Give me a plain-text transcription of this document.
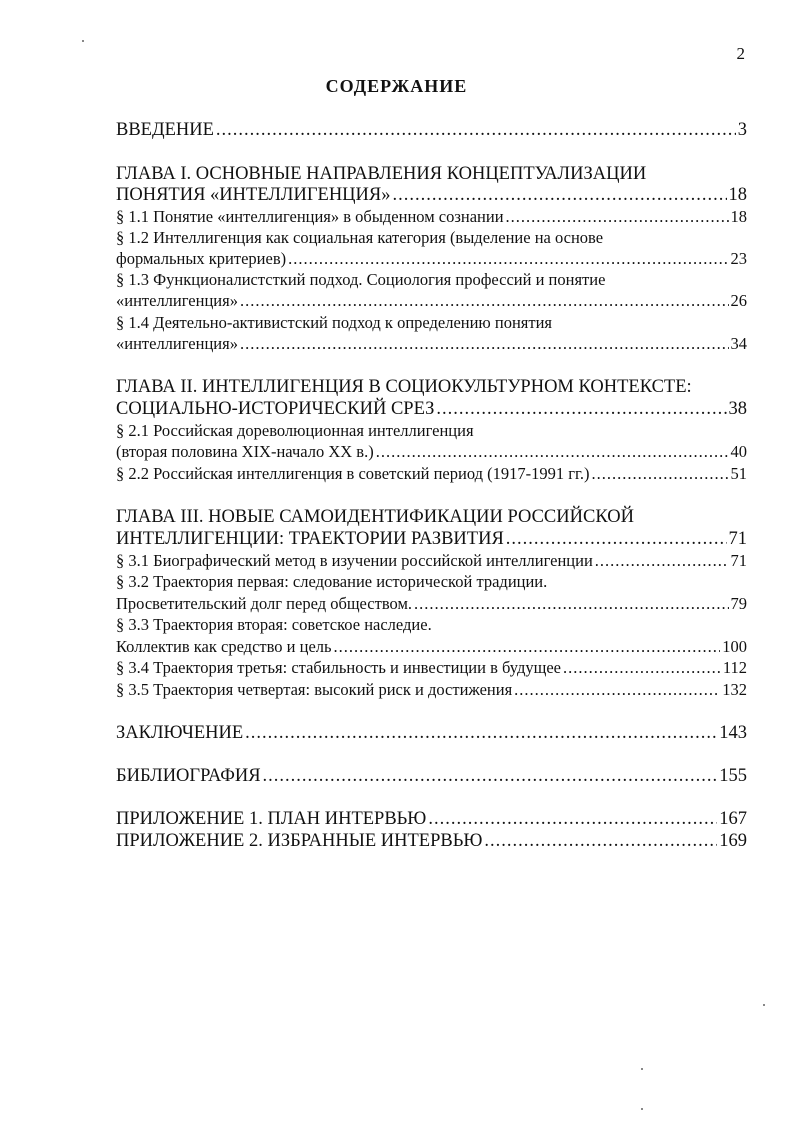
2
СОДЕРЖАНИЕ
ВВЕДЕНИЕ .....	3
ГЛАВА I. ОСНОВНЫЕ НАПРАВЛЕНИЯ КОНЦЕПТУАЛИЗАЦИИ
ПОНЯТИЯ «ИНТЕЛЛИГЕНЦИЯ» .....	18
§ 1.1 Понятие «интеллигенция» в обыденном сознании .....	18
§ 1.2 Интеллигенция как социальная категория (выделение на основе
формальных критериев) .....	23
§ 1.3 Функционалистсткий подход. Социология профессий и понятие
«интеллигенция» .....	26
§ 1.4 Деятельно-активистский подход к определению понятия
«интеллигенция» .....	34
ГЛАВА II. ИНТЕЛЛИГЕНЦИЯ В СОЦИОКУЛЬТУРНОМ КОНТЕКСТЕ:
СОЦИАЛЬНО-ИСТОРИЧЕСКИЙ СРЕЗ .....	38
§ 2.1 Российская дореволюционная интеллигенция
(вторая половина XIX-начало XX в.) .....	40
§ 2.2 Российская интеллигенция в советский период (1917-1991 гг.) .....	51
ГЛАВА III. НОВЫЕ САМОИДЕНТИФИКАЦИИ РОССИЙСКОЙ
ИНТЕЛЛИГЕНЦИИ: ТРАЕКТОРИИ РАЗВИТИЯ .....	71
§ 3.1 Биографический метод в изучении российской интеллигенции .....	71
§ 3.2 Траектория первая: следование исторической традиции.
Просветительский долг перед обществом. .....	79
§ 3.3 Траектория вторая: советское наследие.
Коллектив как средство и цель .....	100
§ 3.4 Траектория третья: стабильность и инвестиции в будущее .....	112
§ 3.5 Траектория четвертая: высокий риск и достижения .....	132
ЗАКЛЮЧЕНИЕ .....	143
БИБЛИОГРАФИЯ .....	155
ПРИЛОЖЕНИЕ 1. ПЛАН ИНТЕРВЬЮ .....	167
ПРИЛОЖЕНИЕ 2. ИЗБРАННЫЕ ИНТЕРВЬЮ .....	169
